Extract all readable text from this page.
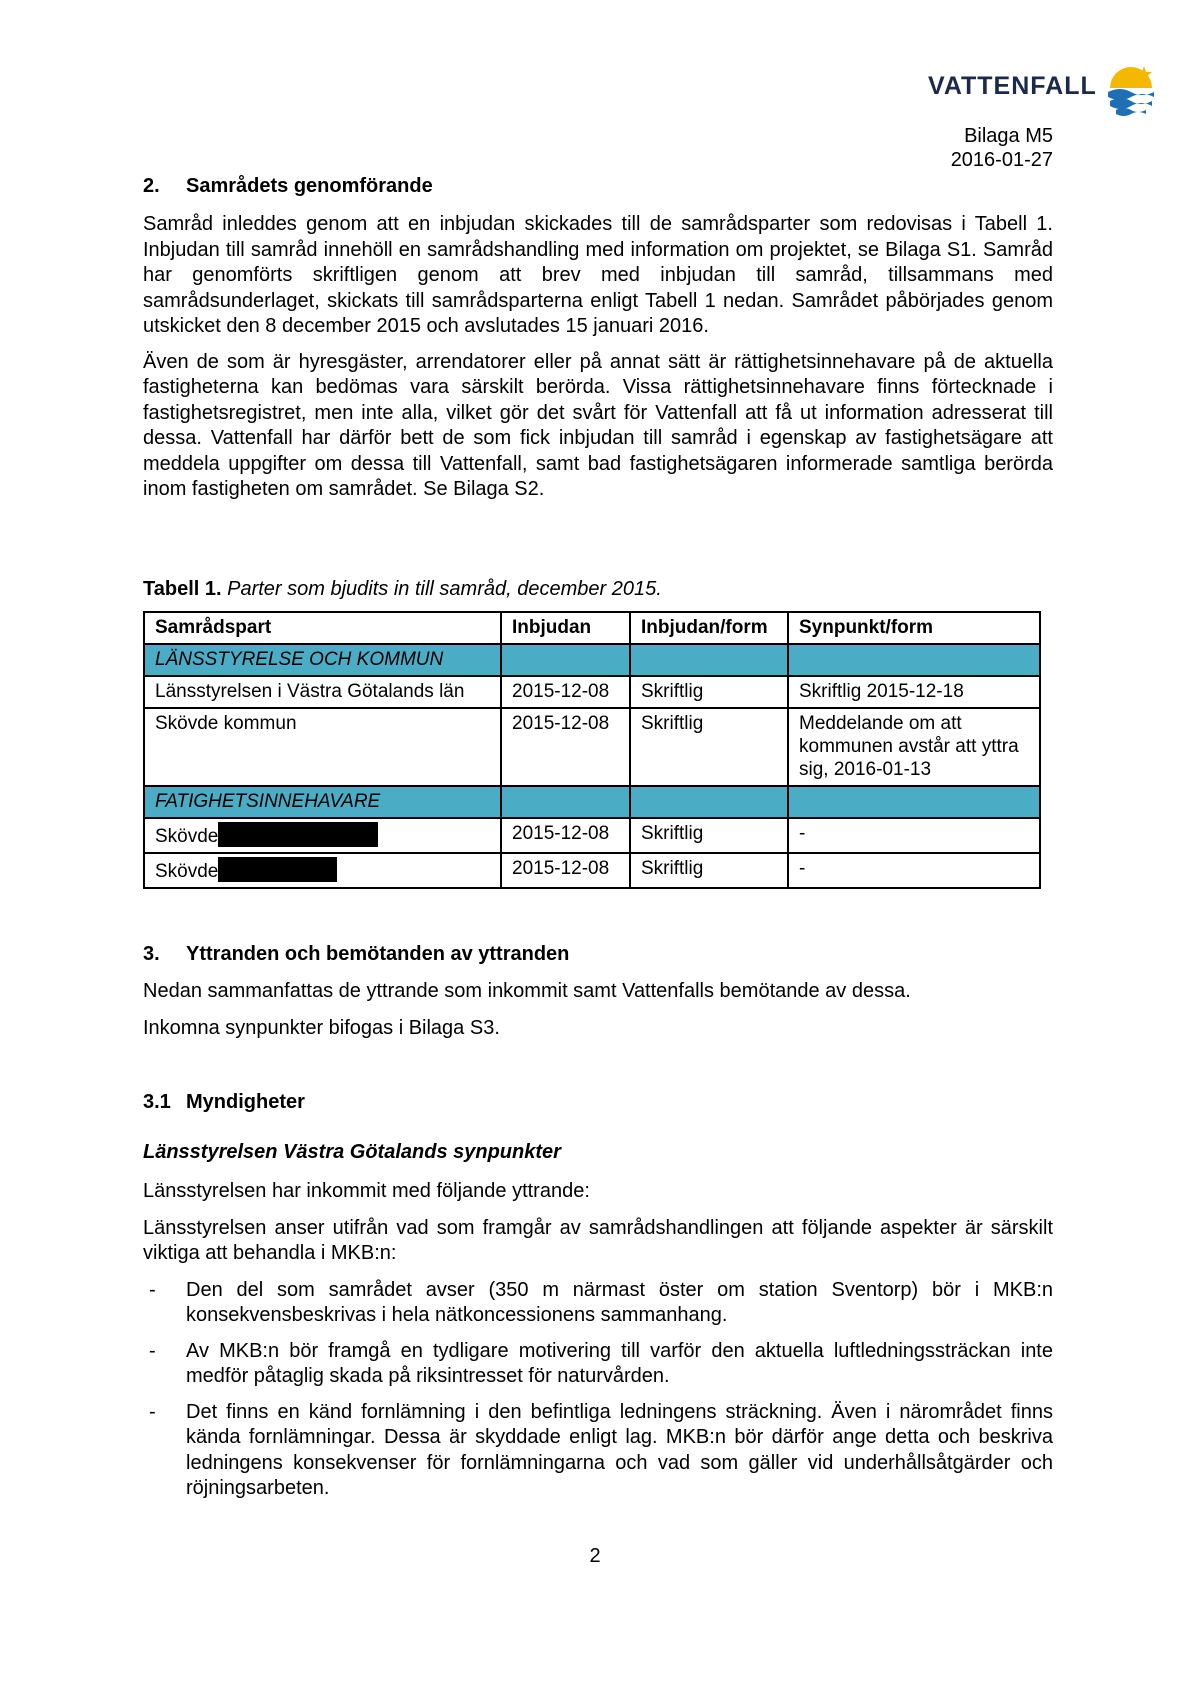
VATTENFALL
Bilaga M5
2016-01-27
2. Samrådets genomförande

Samråd inleddes genom att en inbjudan skickades till de samrådsparter som redovisas i Tabell 1. Inbjudan till samråd innehöll en samrådshandling med information om projektet, se Bilaga S1. Samråd har genomförts skriftligen genom att brev med inbjudan till samråd, tillsammans med samrådsunderlaget, skickats till samrådsparterna enligt Tabell 1 nedan. Samrådet påbörjades genom utskicket den 8 december 2015 och avslutades 15 januari 2016.

Även de som är hyresgäster, arrendatorer eller på annat sätt är rättighetsinnehavare på de aktuella fastigheterna kan bedömas vara särskilt berörda. Vissa rättighetsinnehavare finns förtecknade i fastighetsregistret, men inte alla, vilket gör det svårt för Vattenfall att få ut information adresserat till dessa. Vattenfall har därför bett de som fick inbjudan till samråd i egenskap av fastighetsägare att meddela uppgifter om dessa till Vattenfall, samt bad fastighetsägaren informerade samtliga berörda inom fastigheten om samrådet. Se Bilaga S2.

Tabell 1. Parter som bjudits in till samråd, december 2015.
Samrådspart	Inbjudan	Inbjudan/form	Synpunkt/form
LÄNSSTYRELSE OCH KOMMUN			
Länsstyrelsen i Västra Götalands län	2015-12-08	Skriftlig	Skriftlig 2015-12-18
Skövde kommun	2015-12-08	Skriftlig	Meddelande om att kommunen avstår att yttra sig, 2016-01-13
FATIGHETSINNEHAVARE			
Skövde	2015-12-08	Skriftlig	-
Skövde	2015-12-08	Skriftlig	-
3. Yttranden och bemötanden av yttranden

Nedan sammanfattas de yttrande som inkommit samt Vattenfalls bemötande av dessa.

Inkomna synpunkter bifogas i Bilaga S3.

3.1 Myndigheter
Länsstyrelsen Västra Götalands synpunkter

Länsstyrelsen har inkommit med följande yttrande:

Länsstyrelsen anser utifrån vad som framgår av samrådshandlingen att följande aspekter är särskilt viktiga att behandla i MKB:n:

- Den del som samrådet avser (350 m närmast öster om station Sventorp) bör i MKB:n konsekvensbeskrivas i hela nätkoncessionens sammanhang.
- Av MKB:n bör framgå en tydligare motivering till varför den aktuella luftledningssträckan inte medför påtaglig skada på riksintresset för naturvården.
- Det finns en känd fornlämning i den befintliga ledningens sträckning. Även i närområdet finns kända fornlämningar. Dessa är skyddade enligt lag. MKB:n bör därför ange detta och beskriva ledningens konsekvenser för fornlämningarna och vad som gäller vid underhållsåtgärder och röjningsarbeten.
2
